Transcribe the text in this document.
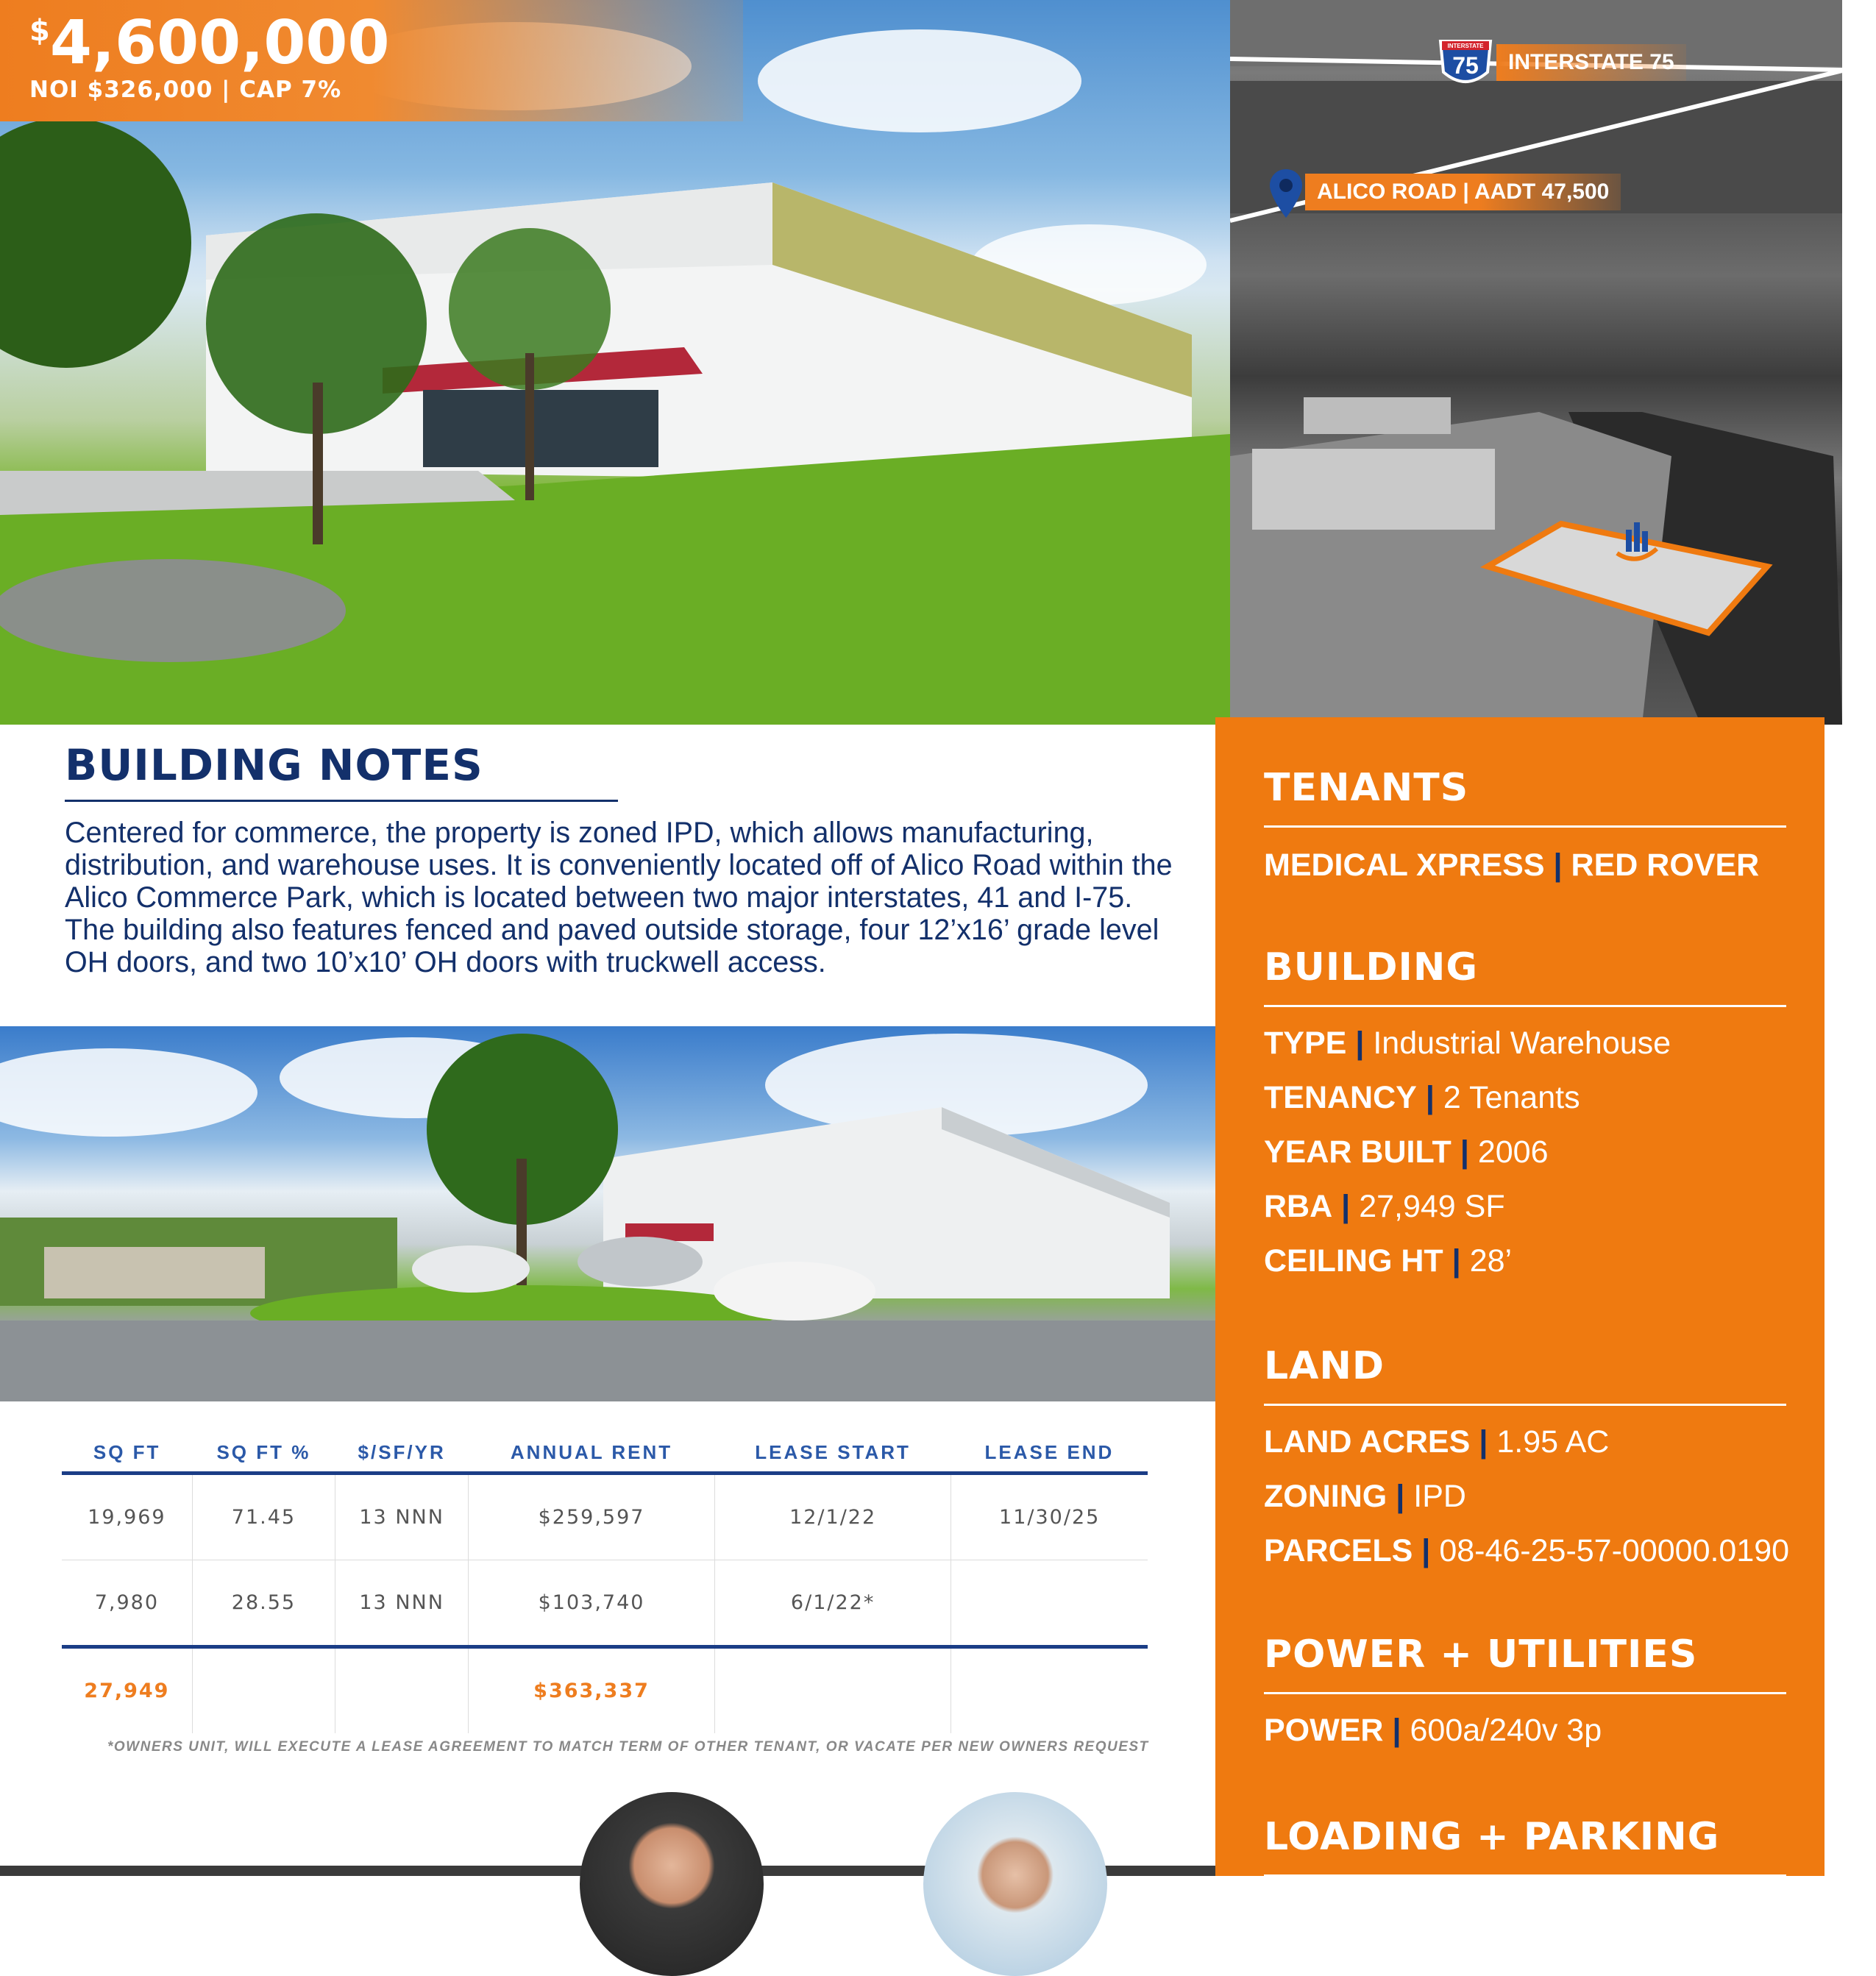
$4,600,000
NOI $326,000 | CAP 7%
INTERSTATE
75	INTERSTATE 75
ALICO ROAD | AADT 47,500
BUILDING NOTES

Centered for commerce, the property is zoned IPD, which allows manufacturing, distribution, and warehouse uses. It is conveniently located off of Alico Road within the Alico Commerce Park, which is located between two major interstates, 41 and I-75. The building also features fenced and paved outside storage, four 12’x16’ grade level OH doors, and two 10’x10’ OH doors with truckwell access.

SQ FT	SQ FT %	$/SF/YR	ANNUAL RENT	LEASE START	LEASE END
19,969	71.45	13 NNN	$259,597	12/1/22	11/30/25
7,980	28.55	13 NNN	$103,740	6/1/22*	
27,949			$363,337		
*OWNERS UNIT, WILL EXECUTE A LEASE AGREEMENT TO MATCH TERM OF OTHER TENANT, OR VACATE PER NEW OWNERS REQUEST
TENANTS
MEDICAL XPRESS | RED ROVER
BUILDING
TYPE | Industrial Warehouse
TENANCY | 2 Tenants
YEAR BUILT | 2006
RBA | 27,949 SF
CEILING HT | 28’
LAND
LAND ACRES | 1.95 AC
ZONING | IPD
PARCELS | 08-46-25-57-00000.0190
POWER + UTILITIES
POWER | 600a/240v 3p
LOADING + PARKING
